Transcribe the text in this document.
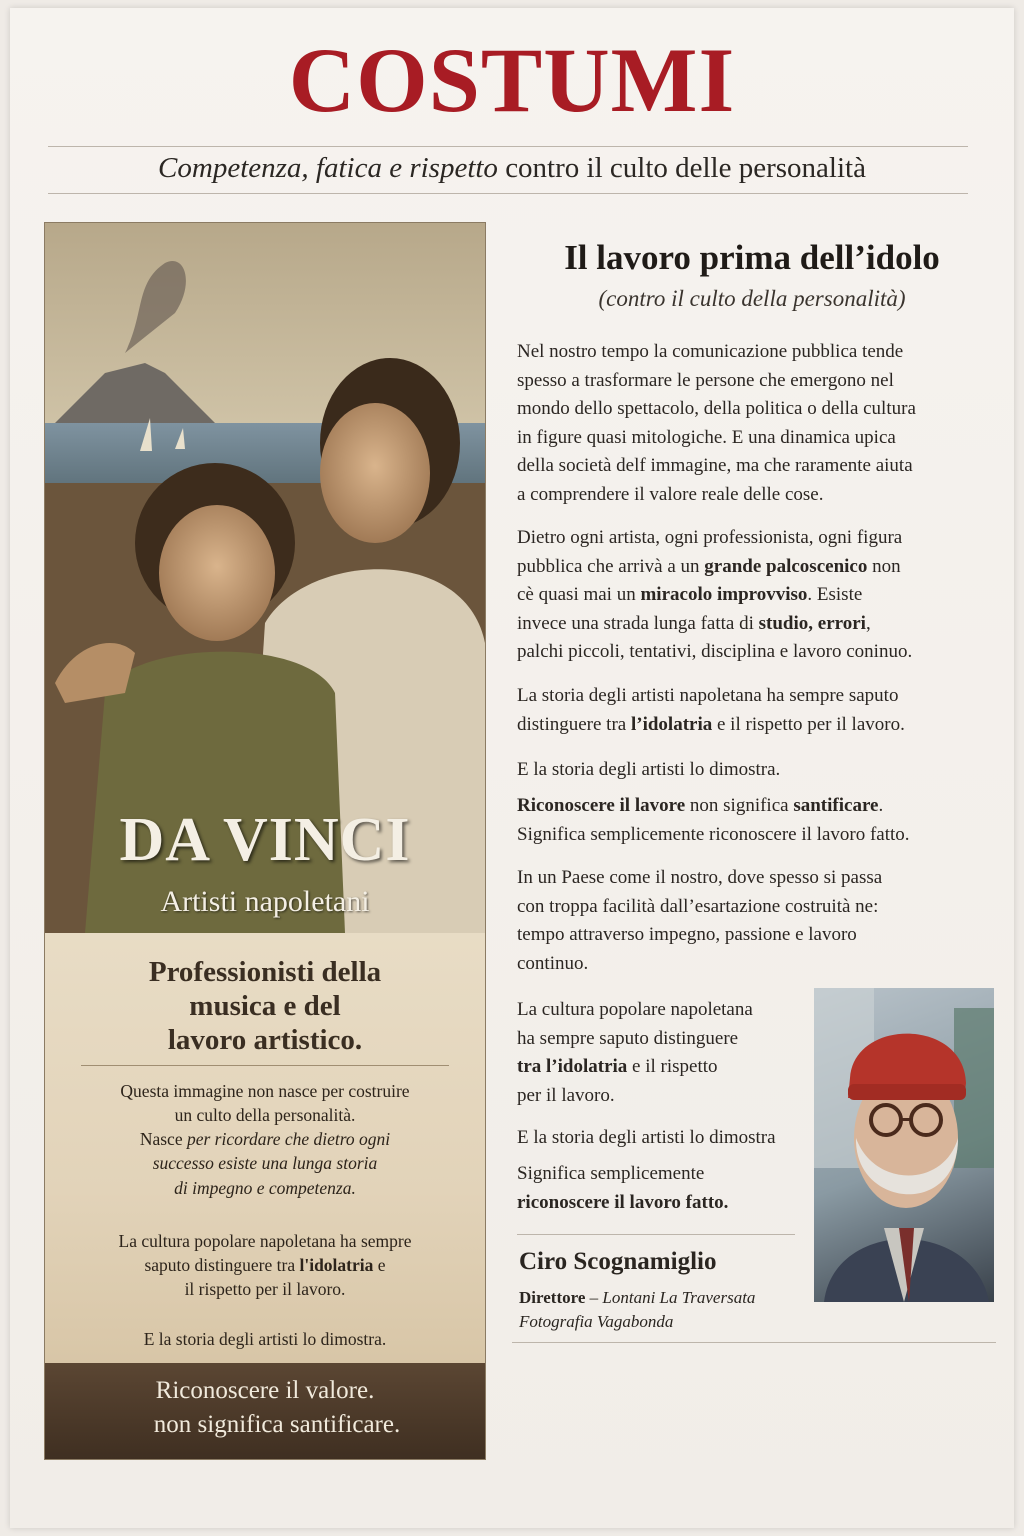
COSTUMI
Competenza, fatica e rispetto contro il culto delle personalità
DA VINCI
Artisti napoletani
Professionisti della
musica e del
lavoro artistico.
Questa immagine non nasce per costruire
un culto della personalità.
Nasce per ricordare che dietro ogni
successo esiste una lunga storia
di impegno e competenza.
La cultura popolare napoletana ha sempre
saputo distinguere tra l'idolatria e
il rispetto per il lavoro.
E la storia degli artisti lo dimostra.
Riconoscere il valore.
non significa santificare.
Il lavoro prima dell’idolo
(contro il culto della personalità)
Nel nostro tempo la comunicazione pubblica tende
spesso a trasformare le persone che emergono nel
mondo dello spettacolo, della politica o della cultura
in figure quasi mitologiche. E una dinamica upica
della società delf immagine, ma che raramente aiuta
a comprendere il valore reale delle cose.
Dietro ogni artista, ogni professionista, ogni figura
pubblica che arrivà a un grande palcoscenico non
cè quasi mai un miracolo improvviso. Esiste
invece una strada lunga fatta di studio, errori,
palchi piccoli, tentativi, disciplina e lavoro coninuo.
La storia degli artisti napoletana ha sempre saputo
distinguere tra l’idolatria e il rispetto per il lavoro.
E la storia degli artisti lo dimostra.
Riconoscere il lavore non significa santificare.
Significa semplicemente riconoscere il lavoro fatto.
In un Paese come il nostro, dove spesso si passa
con troppa facilità dall’esartazione costruità ne:
tempo attraverso impegno, passione e lavoro
continuo.
La cultura popolare napoletana
ha sempre saputo distinguere
tra l’idolatria e il rispetto
per il lavoro.
E la storia degli artisti lo dimostra
Significa semplicemente
riconoscere il lavoro fatto.
Ciro Scognamiglio
Direttore – Lontani La Traversata
Fotografia Vagabonda
